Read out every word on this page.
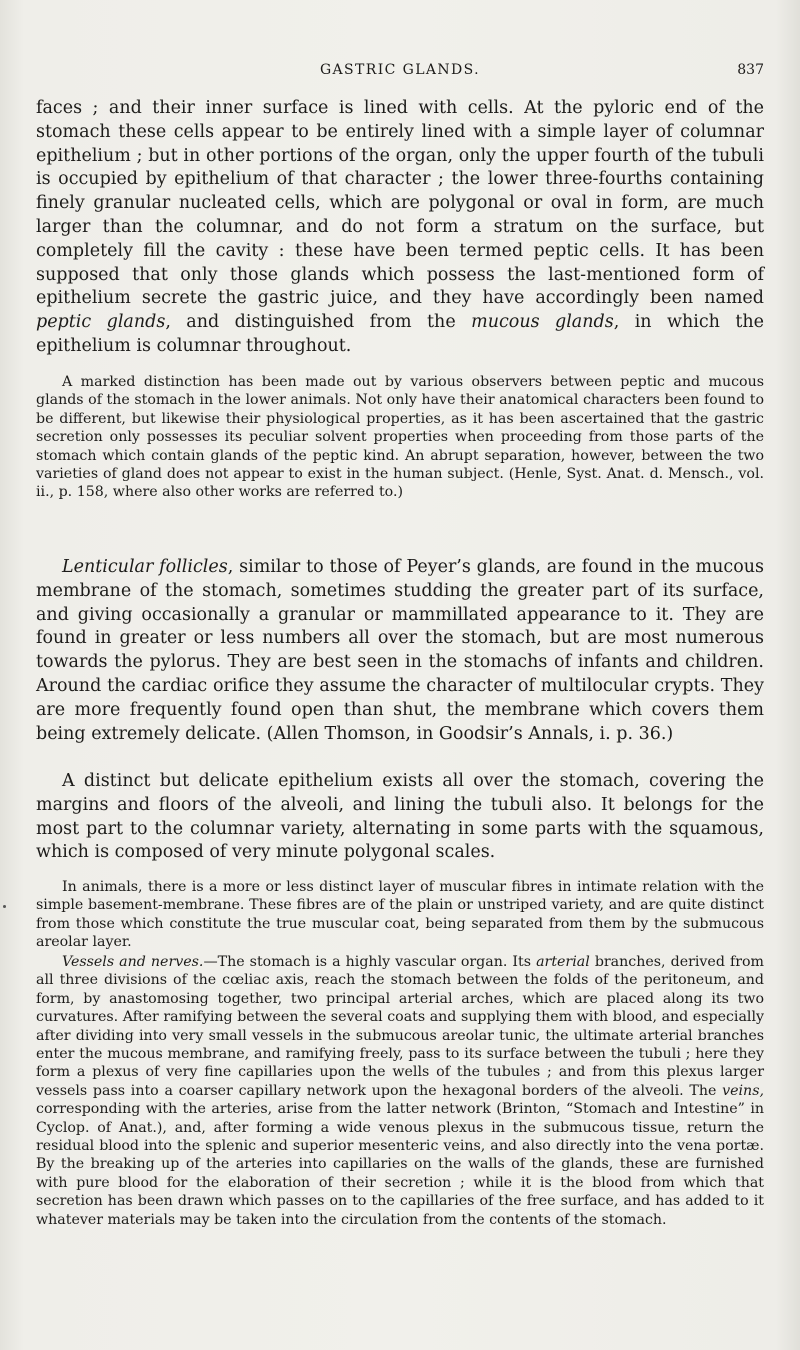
GASTRIC GLANDS.	837

faces ; and their inner surface is lined with cells. At the pyloric end of the stomach these cells appear to be entirely lined with a simple layer of columnar epithelium ; but in other portions of the organ, only the upper fourth of the tubuli is occupied by epithelium of that character ; the lower three-fourths containing finely granular nucleated cells, which are polygonal or oval in form, are much larger than the columnar, and do not form a stratum on the surface, but completely fill the cavity : these have been termed peptic cells. It has been supposed that only those glands which possess the last-mentioned form of epithelium secrete the gastric juice, and they have accordingly been named peptic glands, and distinguished from the mucous glands, in which the epithelium is columnar throughout.

A marked distinction has been made out by various observers between peptic and mucous glands of the stomach in the lower animals. Not only have their anatomical characters been found to be different, but likewise their physiological properties, as it has been ascertained that the gastric secretion only possesses its peculiar solvent properties when proceeding from those parts of the stomach which contain glands of the peptic kind. An abrupt separation, however, between the two varieties of gland does not appear to exist in the human subject. (Henle, Syst. Anat. d. Mensch., vol. ii., p. 158, where also other works are referred to.)

Lenticular follicles, similar to those of Peyer’s glands, are found in the mucous membrane of the stomach, sometimes studding the greater part of its surface, and giving occasionally a granular or mammillated appearance to it. They are found in greater or less numbers all over the stomach, but are most numerous towards the pylorus. They are best seen in the stomachs of infants and children. Around the cardiac orifice they assume the character of multilocular crypts. They are more frequently found open than shut, the membrane which covers them being extremely delicate. (Allen Thomson, in Goodsir’s Annals, i. p. 36.)

A distinct but delicate epithelium exists all over the stomach, covering the margins and floors of the alveoli, and lining the tubuli also. It belongs for the most part to the columnar variety, alternating in some parts with the squamous, which is composed of very minute polygonal scales.

In animals, there is a more or less distinct layer of muscular fibres in intimate relation with the simple basement-membrane. These fibres are of the plain or unstriped variety, and are quite distinct from those which constitute the true muscular coat, being separated from them by the submucous areolar layer.

Vessels and nerves.—The stomach is a highly vascular organ. Its arterial branches, derived from all three divisions of the cœliac axis, reach the stomach between the folds of the peritoneum, and form, by anastomosing together, two principal arterial arches, which are placed along its two curvatures. After ramifying between the several coats and supplying them with blood, and especially after dividing into very small vessels in the submucous areolar tunic, the ultimate arterial branches enter the mucous membrane, and ramifying freely, pass to its surface between the tubuli ; here they form a plexus of very fine capillaries upon the wells of the tubules ; and from this plexus larger vessels pass into a coarser capillary network upon the hexagonal borders of the alveoli. The veins, corresponding with the arteries, arise from the latter network (Brinton, “Stomach and Intestine” in Cyclop. of Anat.), and, after forming a wide venous plexus in the submucous tissue, return the residual blood into the splenic and superior mesenteric veins, and also directly into the vena portæ. By the breaking up of the arteries into capillaries on the walls of the glands, these are furnished with pure blood for the elaboration of their secretion ; while it is the blood from which that secretion has been drawn which passes on to the capillaries of the free surface, and has added to it whatever materials may be taken into the circulation from the contents of the stomach.
